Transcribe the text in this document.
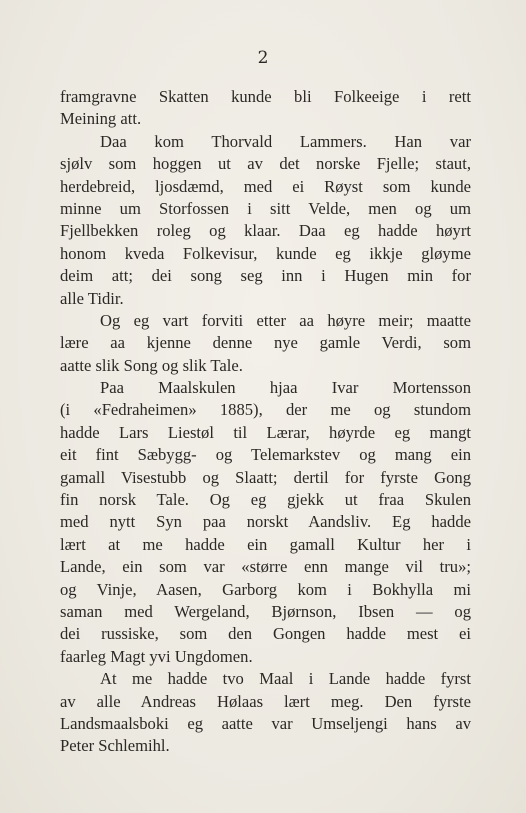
2
framgravne Skatten kunde bli Folkeeige i rett
Meining att.
Daa kom Thorvald Lammers. Han var
sjølv som hoggen ut av det norske Fjelle; staut,
herdebreid, ljosdæmd, med ei Røyst som kunde
minne um Storfossen i sitt Velde, men og um
Fjellbekken roleg og klaar. Daa eg hadde høyrt
honom kveda Folkevisur, kunde eg ikkje gløyme
deim att; dei song seg inn i Hugen min for
alle Tidir.
Og eg vart forviti etter aa høyre meir; maatte
lære aa kjenne denne nye gamle Verdi, som
aatte slik Song og slik Tale.
Paa Maalskulen hjaa Ivar Mortensson
(i «Fedraheimen» 1885), der me og stundom
hadde Lars Liestøl til Lærar, høyrde eg mangt
eit fint Sæbygg- og Telemarkstev og mang ein
gamall Visestubb og Slaatt; dertil for fyrste Gong
fin norsk Tale. Og eg gjekk ut fraa Skulen
med nytt Syn paa norskt Aandsliv. Eg hadde
lært at me hadde ein gamall Kultur her i
Lande, ein som var «større enn mange vil tru»;
og Vinje, Aasen, Garborg kom i Bokhylla mi
saman med Wergeland, Bjørnson, Ibsen — og
dei russiske, som den Gongen hadde mest ei
faarleg Magt yvi Ungdomen.
At me hadde tvo Maal i Lande hadde fyrst
av alle Andreas Hølaas lært meg. Den fyrste
Landsmaalsboki eg aatte var Umseljengi hans av
Peter Schlemihl.
